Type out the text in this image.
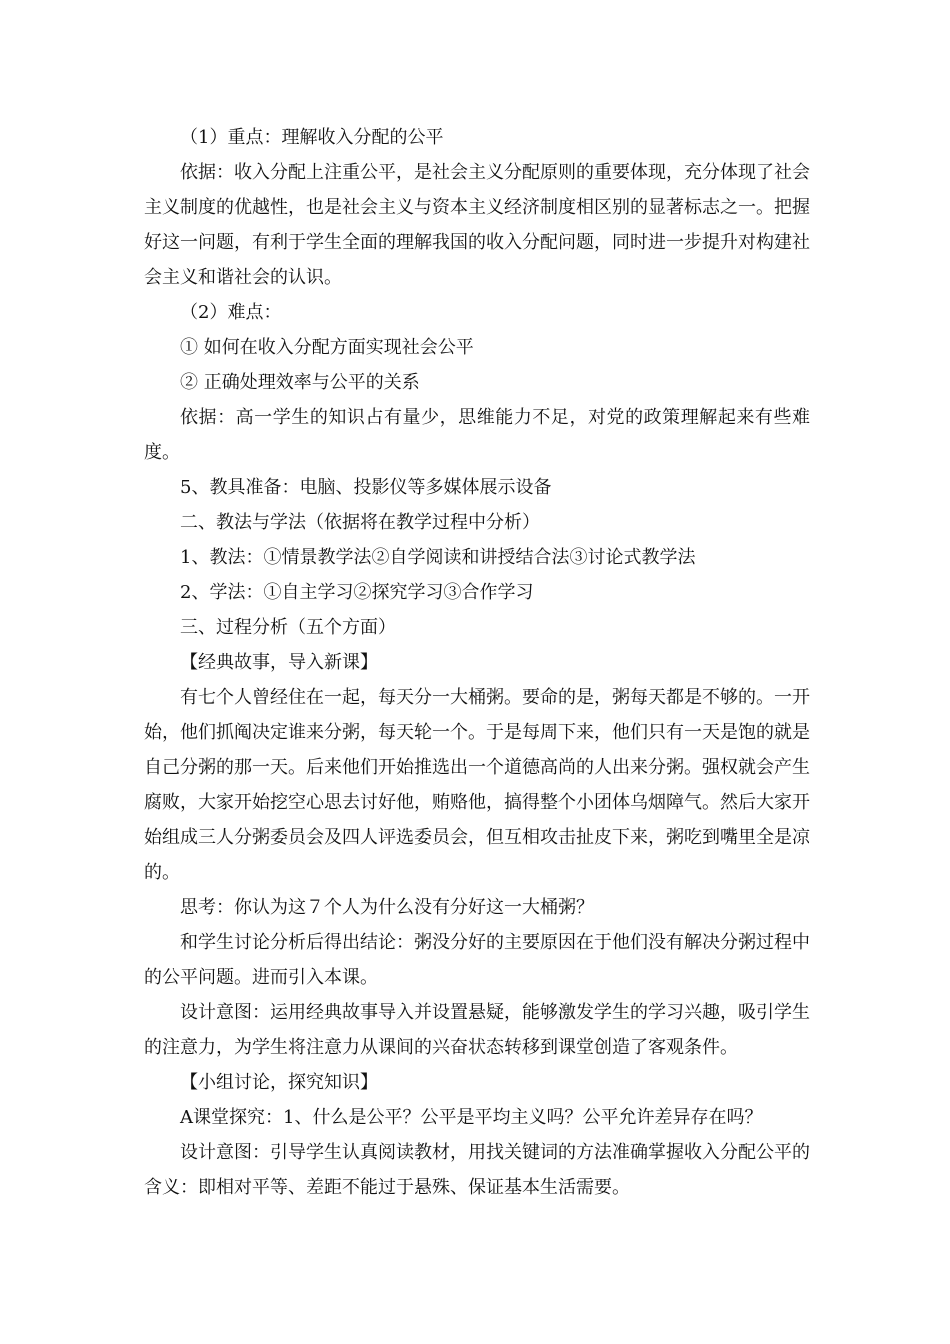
（1）重点：理解收入分配的公平

依据：收入分配上注重公平，是社会主义分配原则的重要体现，充分体现了社会主义制度的优越性，也是社会主义与资本主义经济制度相区别的显著标志之一。把握好这一问题，有利于学生全面的理解我国的收入分配问题，同时进一步提升对构建社会主义和谐社会的认识。

（2）难点：

① 如何在收入分配方面实现社会公平

② 正确处理效率与公平的关系

依据：高一学生的知识占有量少，思维能力不足，对党的政策理解起来有些难度。

5、教具准备：电脑、投影仪等多媒体展示设备

二、教法与学法（依据将在教学过程中分析）

1、教法：①情景教学法②自学阅读和讲授结合法③讨论式教学法

2、学法：①自主学习②探究学习③合作学习

三、过程分析（五个方面）

【经典故事，导入新课】

有七个人曾经住在一起，每天分一大桶粥。要命的是，粥每天都是不够的。一开始，他们抓阄决定谁来分粥，每天轮一个。于是每周下来，他们只有一天是饱的就是自己分粥的那一天。后来他们开始推选出一个道德高尚的人出来分粥。强权就会产生腐败，大家开始挖空心思去讨好他，贿赂他，搞得整个小团体乌烟障气。然后大家开始组成三人分粥委员会及四人评选委员会，但互相攻击扯皮下来，粥吃到嘴里全是凉的。

思考：你认为这７个人为什么没有分好这一大桶粥？

和学生讨论分析后得出结论：粥没分好的主要原因在于他们没有解决分粥过程中的公平问题。进而引入本课。

设计意图：运用经典故事导入并设置悬疑，能够激发学生的学习兴趣，吸引学生的注意力，为学生将注意力从课间的兴奋状态转移到课堂创造了客观条件。

【小组讨论，探究知识】

A课堂探究：1、什么是公平？公平是平均主义吗？公平允许差异存在吗？

设计意图：引导学生认真阅读教材，用找关键词的方法准确掌握收入分配公平的含义：即相对平等、差距不能过于悬殊、保证基本生活需要。
